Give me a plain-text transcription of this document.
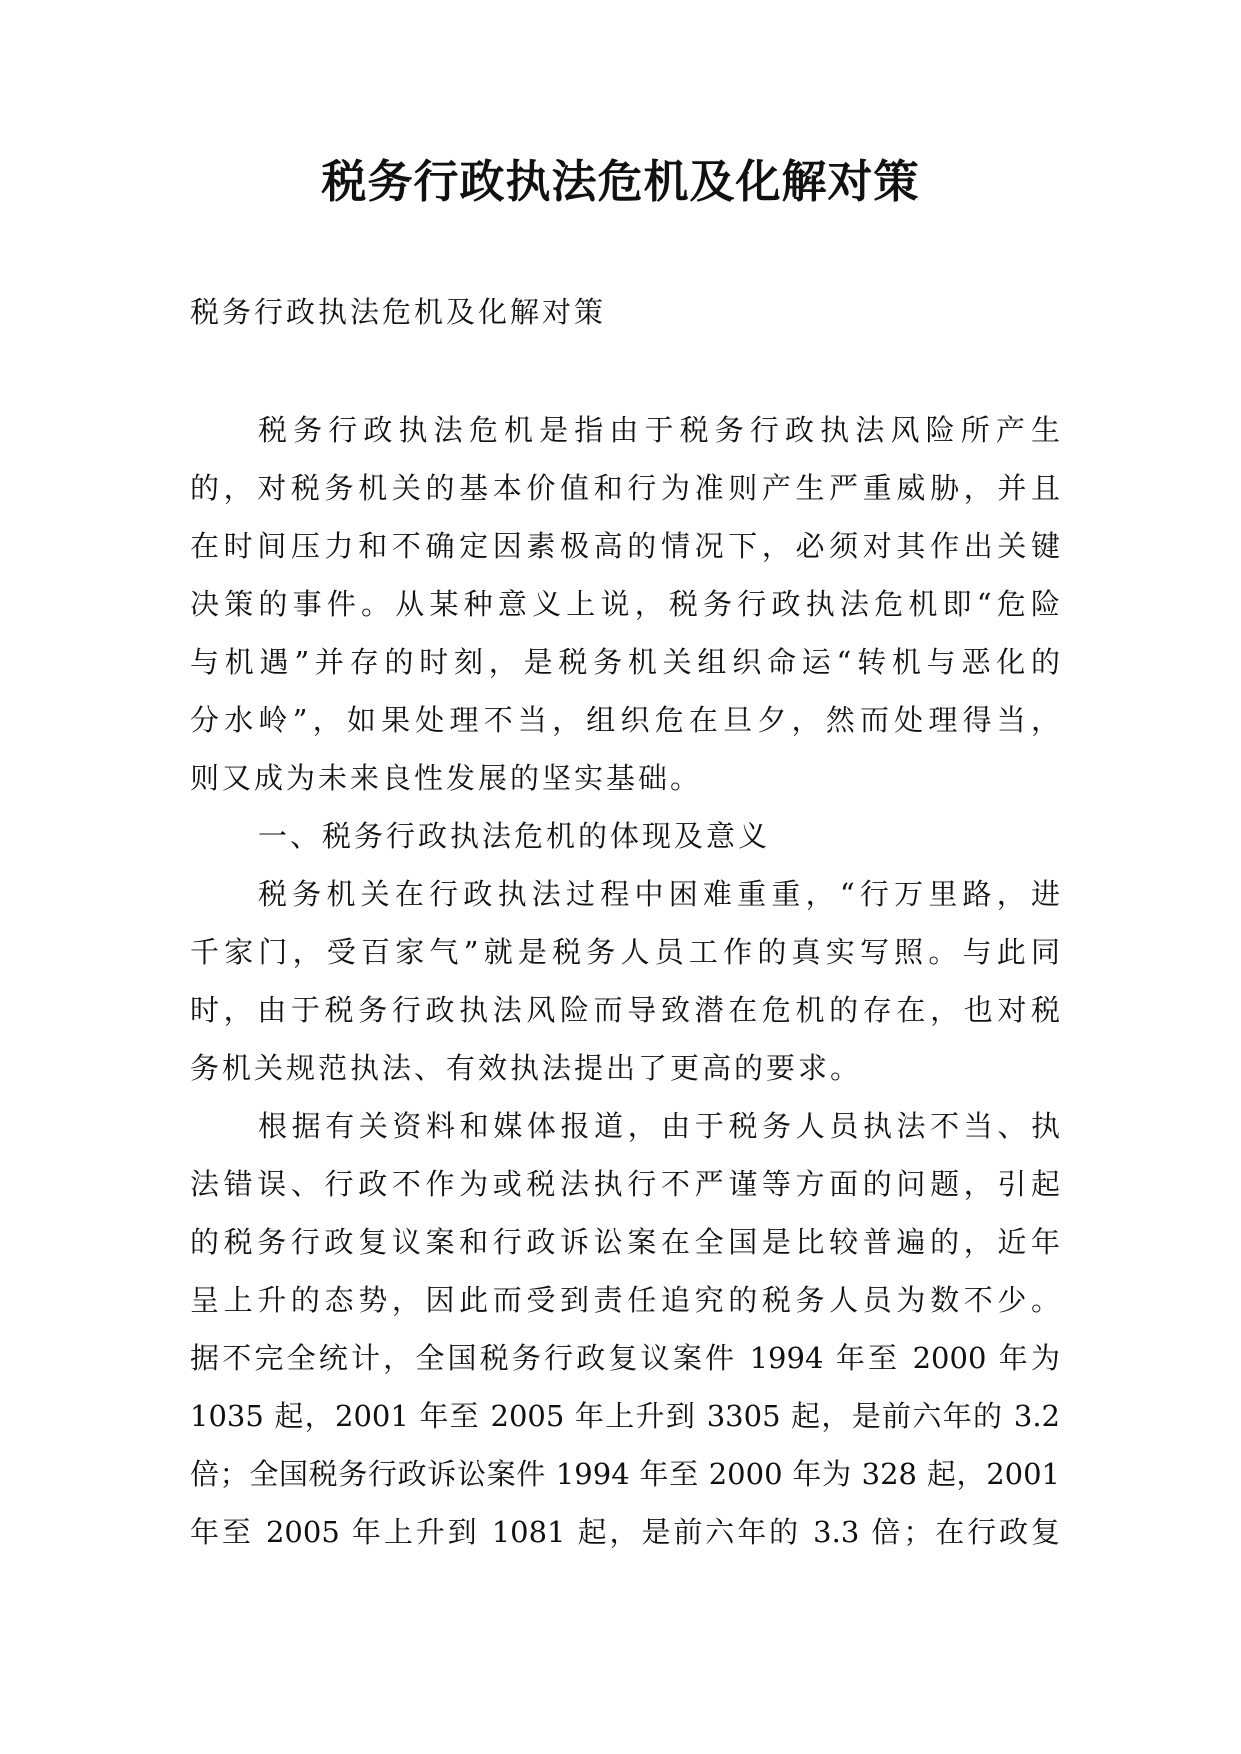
税务行政执法危机及化解对策

税务行政执法危机及化解对策

税务行政执法危机是指由于税务行政执法风险所产生

的，对税务机关的基本价值和行为准则产生严重威胁，并且

在时间压力和不确定因素极高的情况下，必须对其作出关键

决策的事件。从某种意义上说，税务行政执法危机即“危险

与机遇”并存的时刻，是税务机关组织命运“转机与恶化的

分水岭”，如果处理不当，组织危在旦夕，然而处理得当，

则又成为未来良性发展的坚实基础。

一、税务行政执法危机的体现及意义

税务机关在行政执法过程中困难重重，“行万里路，进

千家门，受百家气”就是税务人员工作的真实写照。与此同

时，由于税务行政执法风险而导致潜在危机的存在，也对税

务机关规范执法、有效执法提出了更高的要求。

根据有关资料和媒体报道，由于税务人员执法不当、执

法错误、行政不作为或税法执行不严谨等方面的问题，引起

的税务行政复议案和行政诉讼案在全国是比较普遍的，近年

呈上升的态势，因此而受到责任追究的税务人员为数不少。

据不完全统计，全国税务行政复议案件 1994 年至 2000 年为

1035 起，2001 年至 2005 年上升到 3305 起，是前六年的 3.2

倍；全国税务行政诉讼案件 1994 年至 2000 年为 328 起，2001

年至 2005 年上升到 1081 起，是前六年的 3.3 倍；在行政复
